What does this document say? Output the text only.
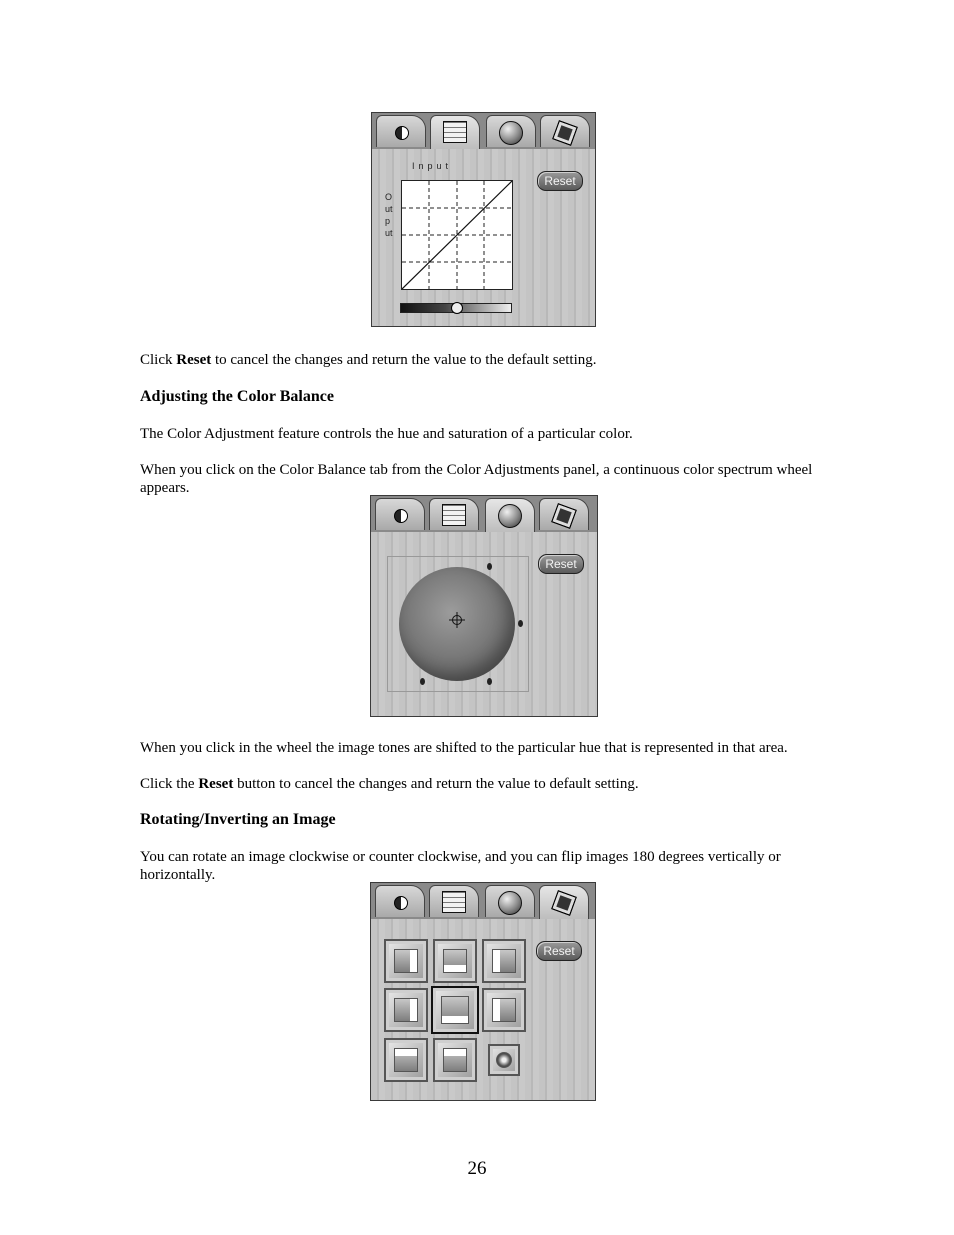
Input
Output
Reset

Click Reset to cancel the changes and return the value to the default setting.

Adjusting the Color Balance

The Color Adjustment feature controls the hue and saturation of a particular color.

When you click on the Color Balance tab from the Color Adjustments panel, a continuous color spectrum wheel appears.

Reset

When you click in the wheel the image tones are shifted to the particular hue that is represented in that area.

Click the Reset button to cancel the changes and return the value to default setting.

Rotating/Inverting an Image

You can rotate an image clockwise or counter clockwise, and you can flip images 180 degrees vertically or horizontally.

Reset
26
